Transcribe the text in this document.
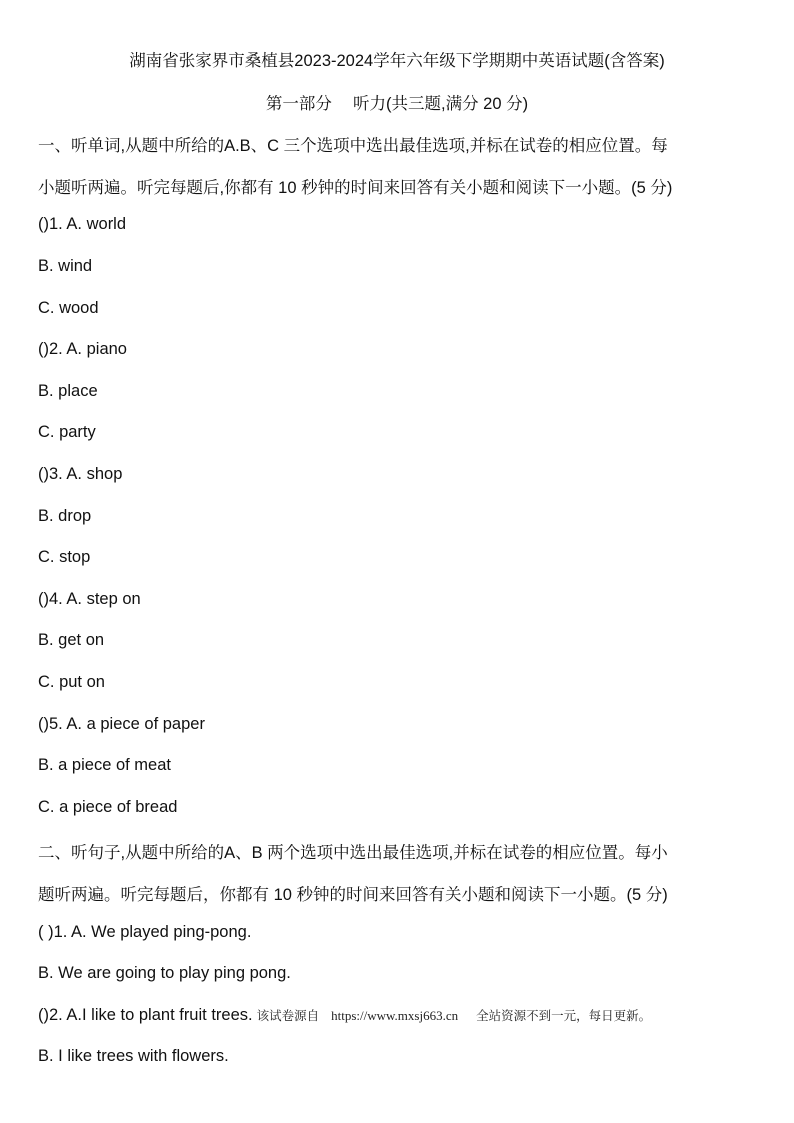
湖南省张家界市桑植县2023-2024学年六年级下学期期中英语试题(含答案)
第一部分　 听力(共三题,满分 20 分)
一、听单词,从题中所给的A.B、C 三个选项中选出最佳选项,并标在试卷的相应位置。每
小题听两遍。听完每题后,你都有 10 秒钟的时间来回答有关小题和阅读下一小题。(5 分)
()1. A. world
B. wind
C. wood
()2. A. piano
B. place
C. party
()3. A. shop
B. drop
C. stop
()4. A. step on
B. get on
C. put on
()5. A. a piece of paper
B. a piece of meat
C. a piece of bread
二、听句子,从题中所给的A、B 两个选项中选出最佳选项,并标在试卷的相应位置。每小
题听两遍。听完每题后，你都有 10 秒钟的时间来回答有关小题和阅读下一小题。(5 分)
( )1. A. We played ping-pong.
B. We are going to play ping pong.
()2. A.I like to plant fruit trees. 该试卷源自 https://www.mxsj663.cn 全站资源不到一元，每日更新。
B. I like trees with flowers.
